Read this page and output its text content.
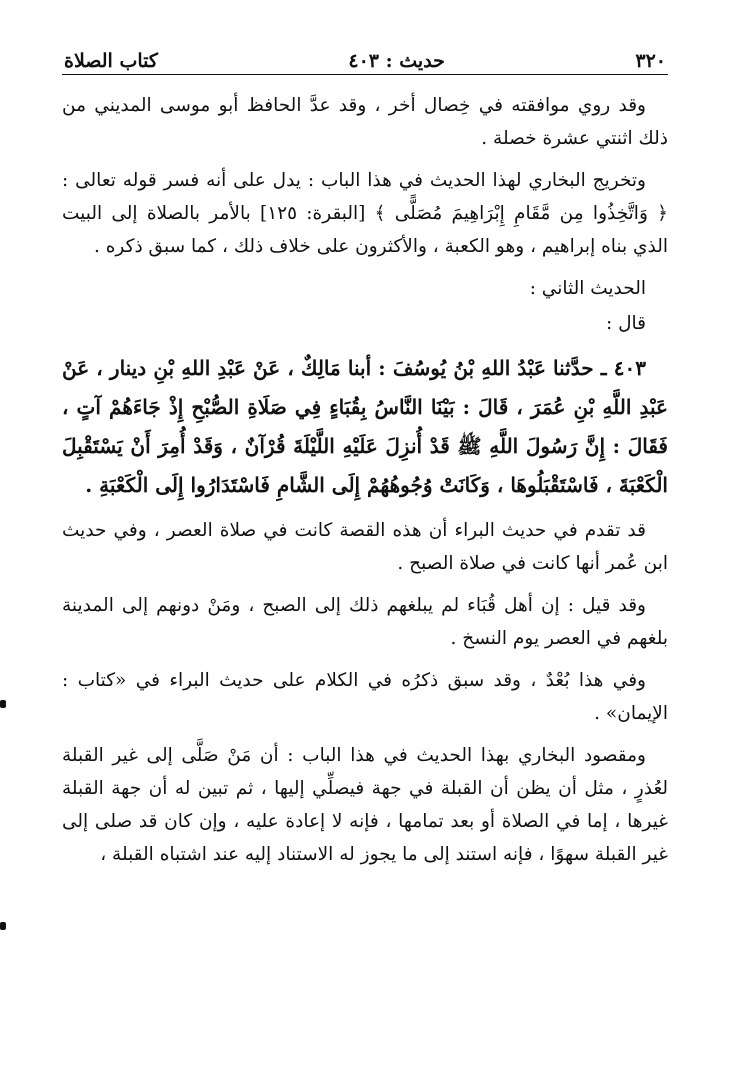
٣٢٠
حديث : ٤٠٣
كتاب الصلاة

وقد روي موافقته في خِصال أخر ، وقد عدَّ الحافظ أبو موسى المديني من ذلك اثنتي عشرة خصلة .

وتخريج البخاري لهذا الحديث في هذا الباب : يدل على أنه فسر قوله تعالى : ﴿ وَاتَّخِذُوا مِن مَّقَامِ إِبْرَاهِيمَ مُصَلًّى ﴾ [البقرة: ١٢٥] بالأمر بالصلاة إلى البيت الذي بناه إبراهيم ، وهو الكعبة ، والأكثرون على خلاف ذلك ، كما سبق ذكره .

الحديث الثاني :

قال :

٤٠٣ ـ حدَّثنا عَبْدُ اللهِ بْنُ يُوسُفَ : أبنا مَالِكٌ ، عَنْ عَبْدِ اللهِ بْنِ دينار ، عَنْ عَبْدِ اللَّهِ بْنِ عُمَرَ ، قَالَ : بَيْنَا النَّاسُ بِقُبَاءٍ فِي صَلَاةِ الصُّبْحِ إِذْ جَاءَهُمْ آتٍ ، فَقَالَ : إِنَّ رَسُولَ اللَّهِ ﷺ قَدْ أُنزِلَ عَلَيْهِ اللَّيْلَةَ قُرْآنٌ ، وَقَدْ أُمِرَ أَنْ يَسْتَقْبِلَ الْكَعْبَةَ ، فَاسْتَقْبَلُوهَا ، وَكَانَتْ وُجُوهُهُمْ إِلَى الشَّامِ فَاسْتَدَارُوا إِلَى الْكَعْبَةِ .

قد تقدم في حديث البراء أن هذه القصة كانت في صلاة العصر ، وفي حديث ابن عُمر أنها كانت في صلاة الصبح .

وقد قيل : إن أهل قُبَاء لم يبلغهم ذلك إلى الصبح ، ومَنْ دونهم إلى المدينة بلغهم في العصر يوم النسخ .

وفي هذا بُعْدٌ ، وقد سبق ذكرُه في الكلام على حديث البراء في «كتاب : الإيمان» .

ومقصود البخاري بهذا الحديث في هذا الباب : أن مَنْ صَلَّى إلى غير القبلة لعُذرٍ ، مثل أن يظن أن القبلة في جهة فيصلِّي إليها ، ثم تبين له أن جهة القبلة غيرها ، إما في الصلاة أو بعد تمامها ، فإنه لا إعادة عليه ، وإن كان قد صلى إلى غير القبلة سهوًا ، فإنه استند إلى ما يجوز له الاستناد إليه عند اشتباه القبلة ،
